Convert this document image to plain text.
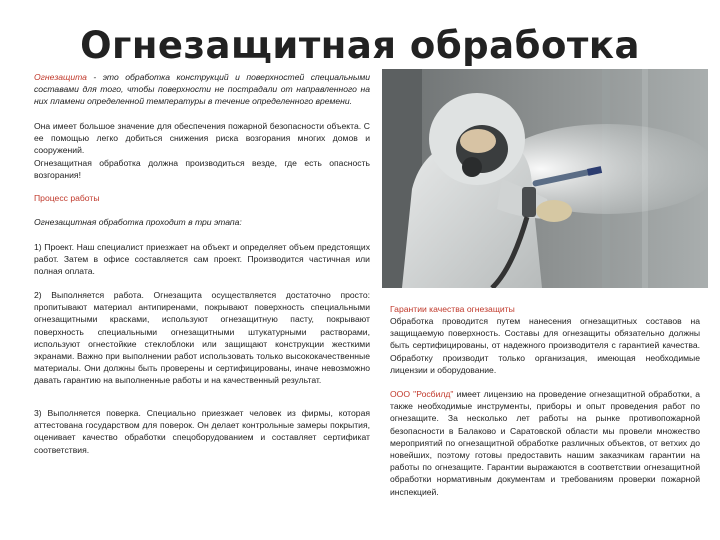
Огнезащитная обработка

Огнезащита - это обработка конструкций и поверхностей специальными составами для того, чтобы поверхности не пострадали от направленного на них пламени определенной температуры в течение определенного времени.

Она имеет большое значение для обеспечения пожарной безопасности объекта. С ее помощью легко добиться снижения риска возгорания многих домов и сооружений.

Огнезащитная обработка должна производиться везде, где есть опасность возгорания!

Процесс работы
Огнезащитная обработка проходит в три этапа:
1) Проект. Наш специалист приезжает на объект и определяет объем предстоящих работ. Затем в офисе составляется сам проект. Производится частичная или полная оплата.
2) Выполняется работа. Огнезащита осуществляется достаточно просто: пропитывают материал антипиренами, покрывают поверхность специальными огнезащитными красками, используют огнезащитную пасту, покрывают поверхность специальными огнезащитными штукатурными растворами, используют огнестойкие стеклоблоки или защищают конструкции жесткими экранами. Важно при выполнении работ использовать только высококачественные материалы. Они должны быть проверены и сертифицированы, иначе невозможно давать гарантию на выполненные работы и на качественный результат.
3) Выполняется поверка. Специально приезжает человек из фирмы, которая аттестована государством для поверок. Он делает контрольные замеры покрытия, оценивает качество обработки спецоборудованием и составляет сертификат соответствия.
Гарантии качества огнезащиты
Обработка проводится путем нанесения огнезащитных составов на защищаемую поверхность. Составы для огнезащиты обязательно должны быть сертифицированы, от надежного производителя с гарантией качества. Обработку производит только организация, имеющая необходимые лицензии и оборудование.

ООО "Росбилд" имеет лицензию на проведение огнезащитной обработки, а также необходимые инструменты, приборы и опыт проведения работ по огнезащите. За несколько лет работы на рынке противопожарной безопасности в Балаково и Саратовской области мы провели множество мероприятий по огнезащитной обработке различных объектов, от ветхих до новейших, поэтому готовы предоставить нашим заказчикам гарантии на работы по огнезащите. Гарантии выражаются в соответствии огнезащитной обработки нормативным документам и требованиям проверки пожарной инспекцией.
